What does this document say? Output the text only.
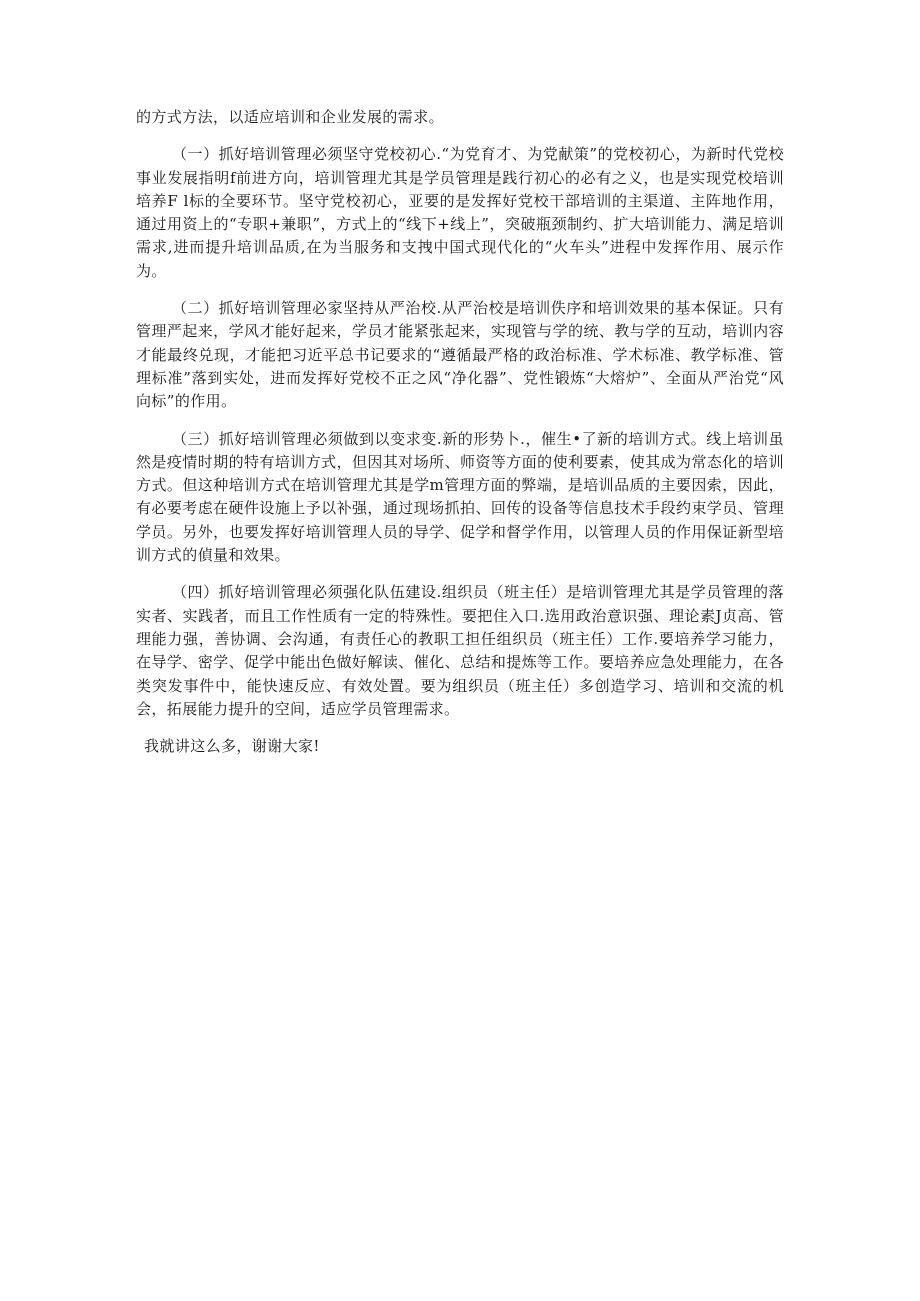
的方式方法，以适应培训和企业发展的需求。

（一）抓好培训管理必须坚守党校初心.“为党育才、为党献策”的党校初心，为新时代党校事业发展指明f前进方向，培训管理尤其是学员管理是践行初心的必有之义，也是实现党校培训培养F l标的全要环节。坚守党校初心，亚要的是发挥好党校干部培训的主渠道、主阵地作用，通过用资上的“专职+兼职”，方式上的“线下+线上”，突破瓶颈制约、扩大培训能力、满足培训需求,进而提升培训品质,在为当服务和支拽中国式现代化的“火车头”进程中发挥作用、展示作为。

（二）抓好培训管理必家坚持从严治校.从严治校是培训佚序和培训效果的基本保证。只有管理严起来，学风才能好起来，学员才能紧张起来，实现管与学的统、教与学的互动，培训内容才能最终兑现，才能把习近平总书记要求的“遵循最严格的政治标准、学术标准、教学标准、管理标准”落到实处，进而发挥好党校不正之风“净化器”、党性锻炼“大熔炉”、全面从严治党“风向标”的作用。

（三）抓好培训管理必须做到以变求变.新的形势卜.，催生•了新的培训方式。线上培训虽然是疫情时期的特有培训方式，但因其对场所、师资等方面的使利要素，使其成为常态化的培训方式。但这种培训方式在培训管理尤其是学m管理方面的弊端，是培训品质的主要因索，因此，有必要考虑在硬件设施上予以补强，通过现场抓拍、回传的设备等信息技术手段约束学员、管理学员。另外，也要发挥好培训管理人员的导学、促学和督学作用，以管理人员的作用保证新型培训方式的偵量和效果。

（四）抓好培训管理必须强化队伍建设.组织员（班主任）是培训管理尤其是学员管理的落实者、实践者，而且工作性质有一定的特殊性。要把住入口.选用政治意识强、理论素J贞高、管理能力强，善协调、会沟通，有责任心的教职工担任组织员（班主任）工作.要培养学习能力，在导学、密学、促学中能出色做好解读、催化、总结和提炼等工作。要培养应急处理能力，在各类突发事件中，能快速反应、有效处置。要为组织员（班主任）多创造学习、培训和交流的机会，拓展能力提升的空间，适应学员管理需求。

我就讲这么多，谢谢大家!
